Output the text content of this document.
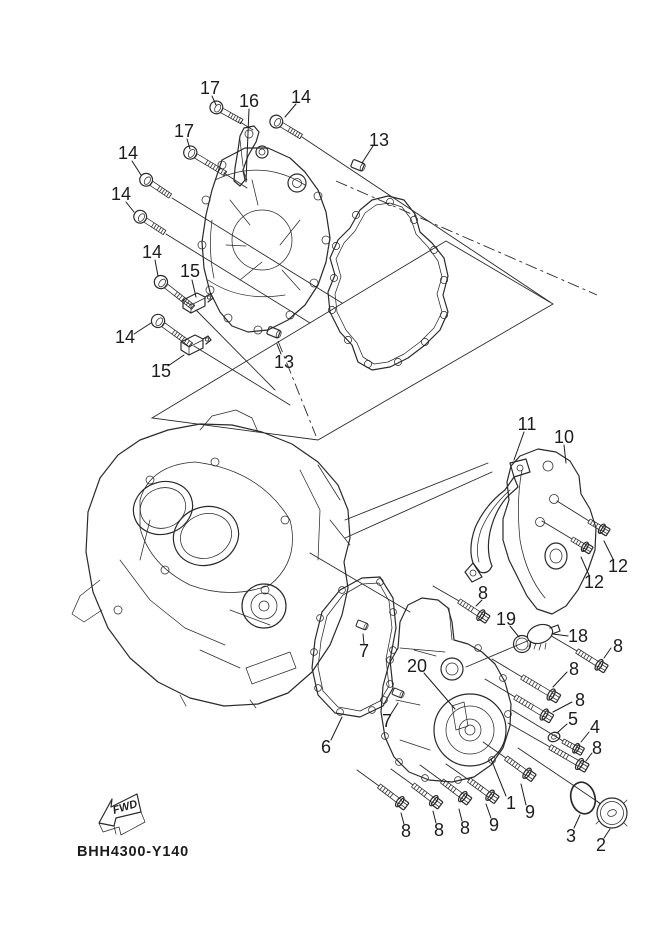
17
16 14
13
17
14
14
14
15
14
15	13
11
10
12
12
8
8
18
19
8
8
5 4
8
20
7
7
6
1 9
9
8 8 8	3 2
FWD
BHH4300-Y140
